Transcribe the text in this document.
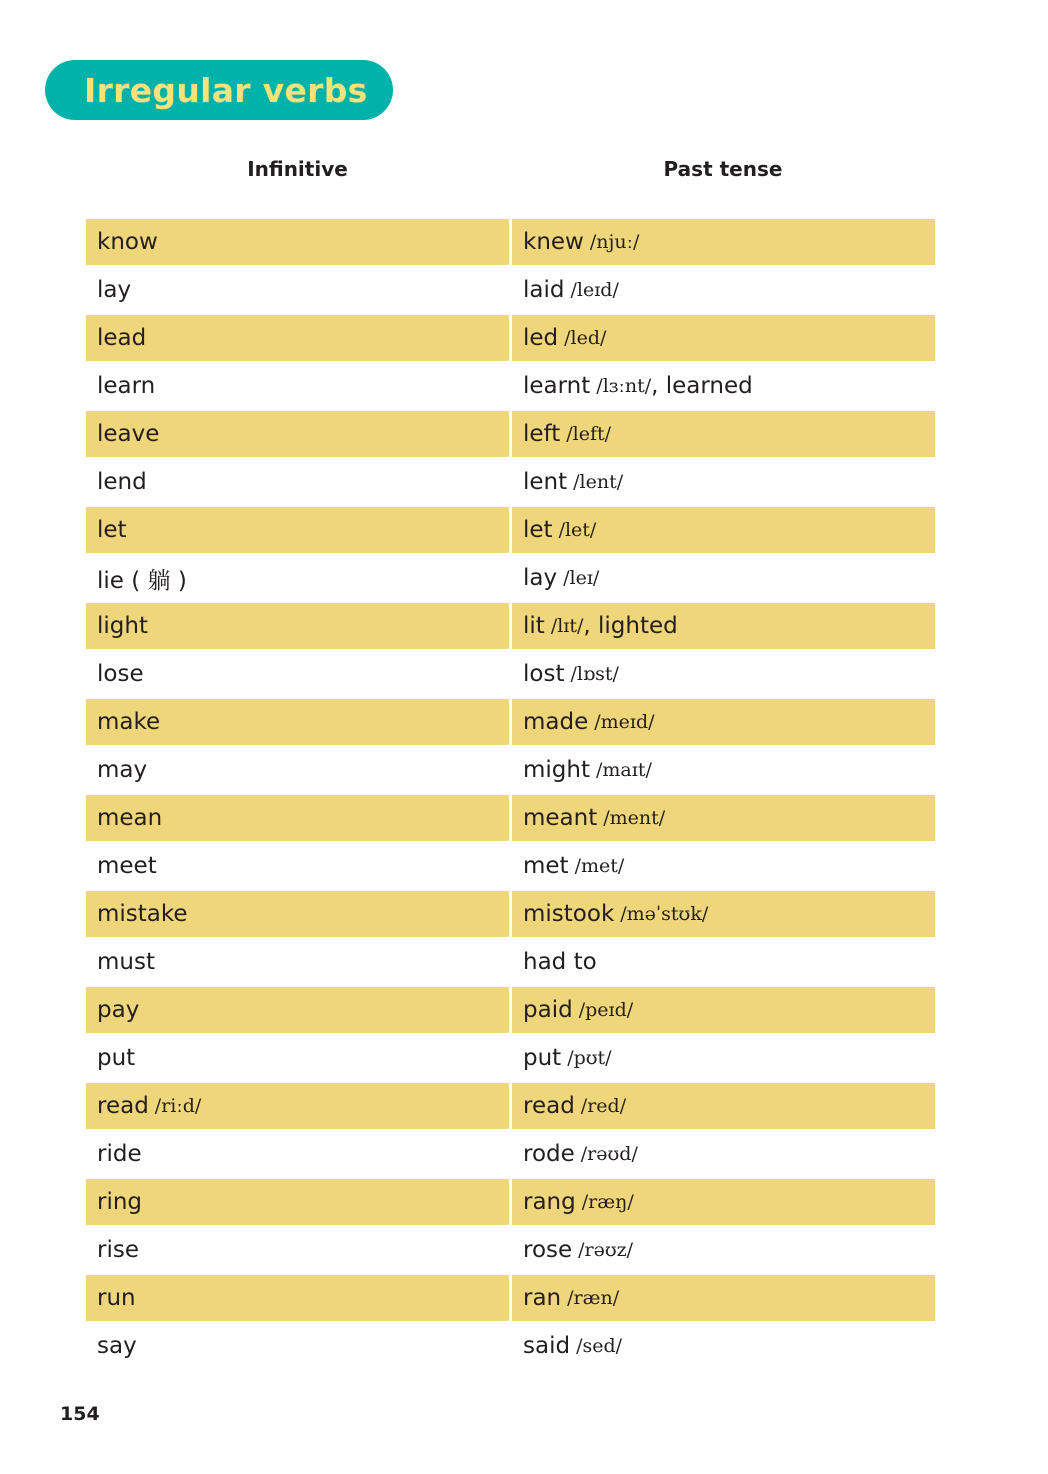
Irregular verbs
Infinitive	Past tense
know	knew /njuː/
lay	laid /leɪd/
lead	led /led/
learn	learnt /lɜːnt/ , learned
leave	left /left/
lend	lent /lent/
let	let /let/
lie ( 躺 )	lay /leɪ/
light	lit /lɪt/ , lighted
lose	lost /lɒst/
make	made /meɪd/
may	might /maɪt/
mean	meant /ment/
meet	met /met/
mistake	mistook /məˈstʊk/
must	had to
pay	paid /peɪd/
put	put /pʊt/
read /riːd/	read /red/
ride	rode /rəʊd/
ring	rang /ræŋ/
rise	rose /rəʊz/
run	ran /ræn/
say	said /sed/
154
